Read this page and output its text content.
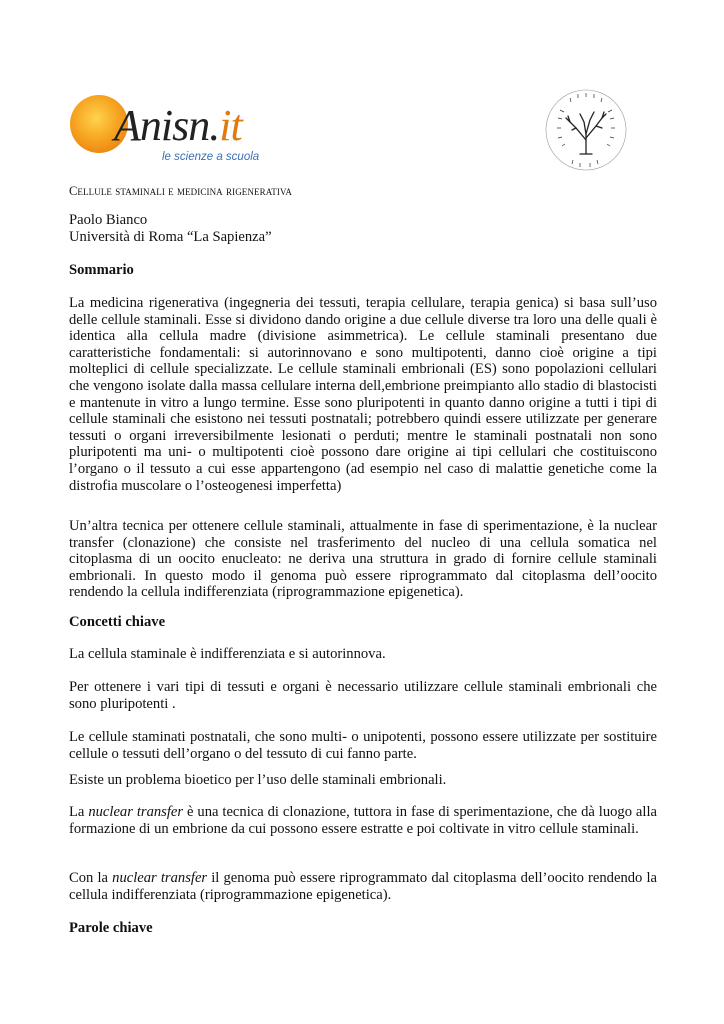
Anisn.it
le scienze a scuola
Cellule staminali e medicina rigenerativa
Paolo Bianco
Università di Roma “La Sapienza”
Sommario

La medicina rigenerativa (ingegneria dei tessuti, terapia cellulare, terapia genica) si basa sull’uso delle cellule staminali. Esse si dividono dando origine a due cellule diverse tra loro una delle quali è identica alla cellula madre (divisione asimmetrica). Le cellule staminali presentano due caratteristiche fondamentali: si autorinnovano e sono multipotenti, danno cioè origine a tipi molteplici di cellule specializzate. Le cellule staminali embrionali (ES) sono popolazioni cellulari che vengono isolate dalla massa cellulare interna dell,embrione preimpianto allo stadio di blastocisti e mantenute in vitro a lungo termine. Esse sono pluripotenti in quanto danno origine a tutti i tipi di cellule staminali che esistono nei tessuti postnatali; potrebbero quindi essere utilizzate per generare tessuti o organi irreversibilmente lesionati o perduti; mentre le staminali postnatali non sono pluripotenti ma uni- o multipotenti cioè possono dare origine ai tipi cellulari che costituiscono l’organo o il tessuto a cui esse appartengono (ad esempio nel caso di malattie genetiche come la distrofia muscolare o l’osteogenesi imperfetta)

Un’altra tecnica per ottenere cellule staminali, attualmente in fase di sperimentazione, è la nuclear transfer (clonazione) che consiste nel trasferimento del nucleo di una cellula somatica nel citoplasma di un oocito enucleato: ne deriva una struttura in grado di fornire cellule staminali embrionali. In questo modo il genoma può essere riprogrammato dal citoplasma dell’oocito rendendo la cellula indifferenziata (riprogrammazione epigenetica).

Concetti chiave

La cellula staminale è indifferenziata e si autorinnova.

Per ottenere i vari tipi di tessuti e organi è necessario utilizzare cellule staminali embrionali che sono pluripotenti .

Le cellule staminati postnatali, che sono multi- o unipotenti, possono essere utilizzate per sostituire cellule o tessuti dell’organo o del tessuto di cui fanno parte.

Esiste un problema bioetico per l’uso delle staminali embrionali.

La nuclear transfer è una tecnica di clonazione, tuttora in fase di sperimentazione, che dà luogo alla formazione di un embrione da cui possono essere estratte e poi coltivate in vitro cellule staminali.

Con la nuclear transfer il genoma può essere riprogrammato dal citoplasma dell’oocito rendendo la cellula indifferenziata (riprogrammazione epigenetica).

Parole chiave
